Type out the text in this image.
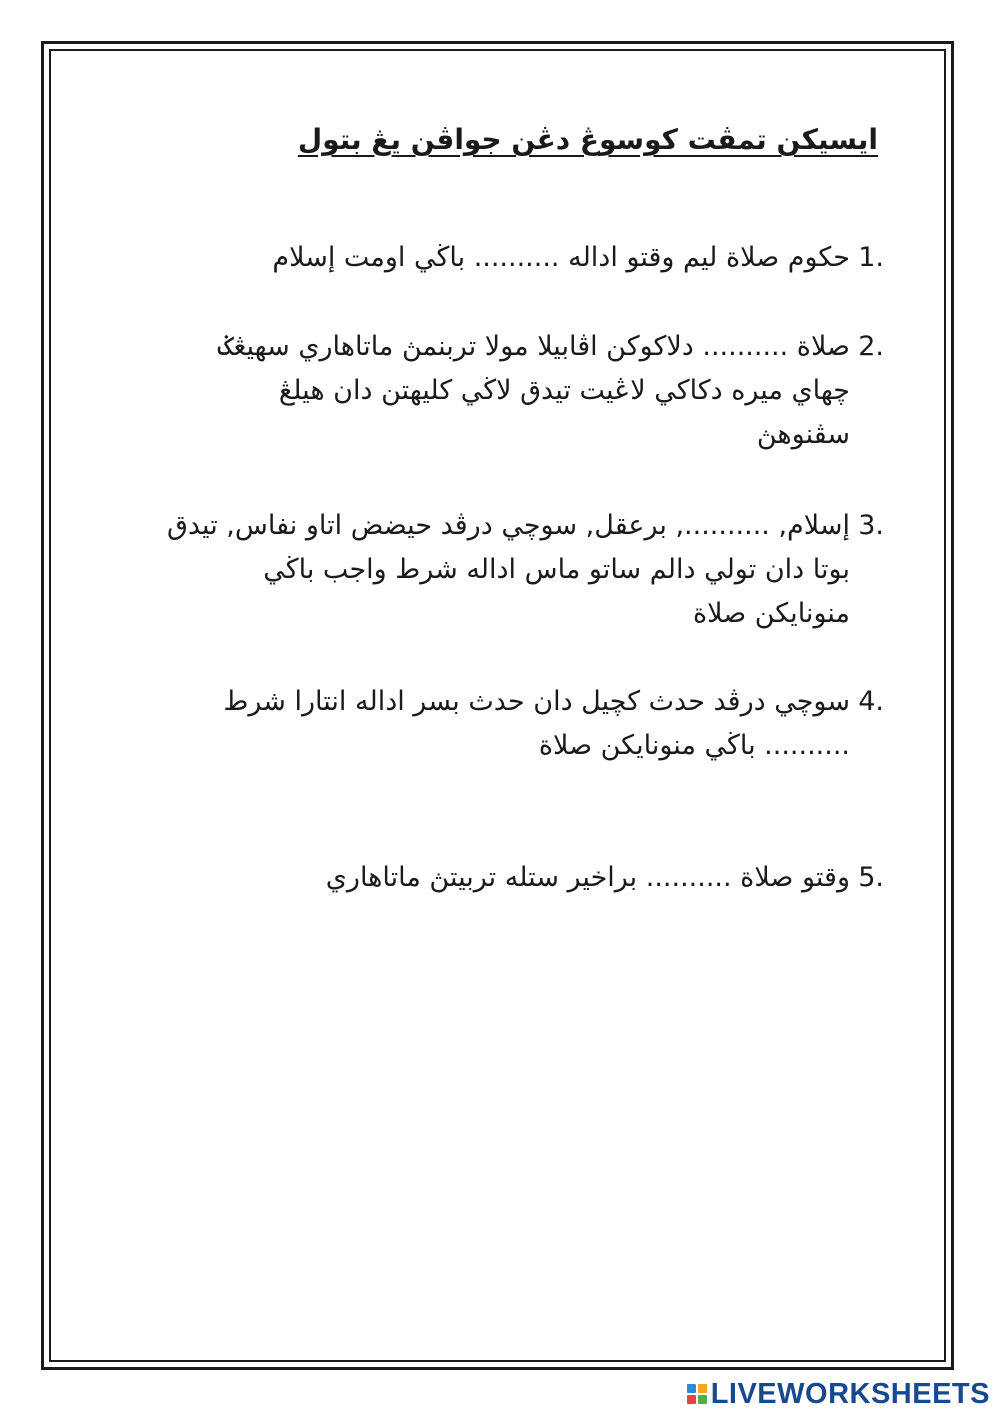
ايسيکن تمڤت کوسوڠ دڠن جواڤن يڠ بتول
1.
حکوم صلاة ليم وقتو اداله .......... باڬي اومت إسلام
2.
صلاة .......... دلاکوکن اڤابيلا مولا تربنمڽ ماتاهاري سهيڠݢ چهاي ميره دکاکي لاڠيت تيدق لاڬي کليهتن دان هيلڠ سڤنوهڽ
3.
إسلام, .........., برعقل, سوچي درڤد حيضض اتاو نفاس, تيدق بوتا دان تولي دالم ساتو ماس اداله شرط واجب باڬي منونايکن صلاة
4.
سوچي درڤد حدث کچيل دان حدث بسر اداله انتارا شرط .......... باڬي منونايکن صلاة
5.
وقتو صلاة .......... براخير ستله تربيتڽ ماتاهاري
LIVEWORKSHEETS
